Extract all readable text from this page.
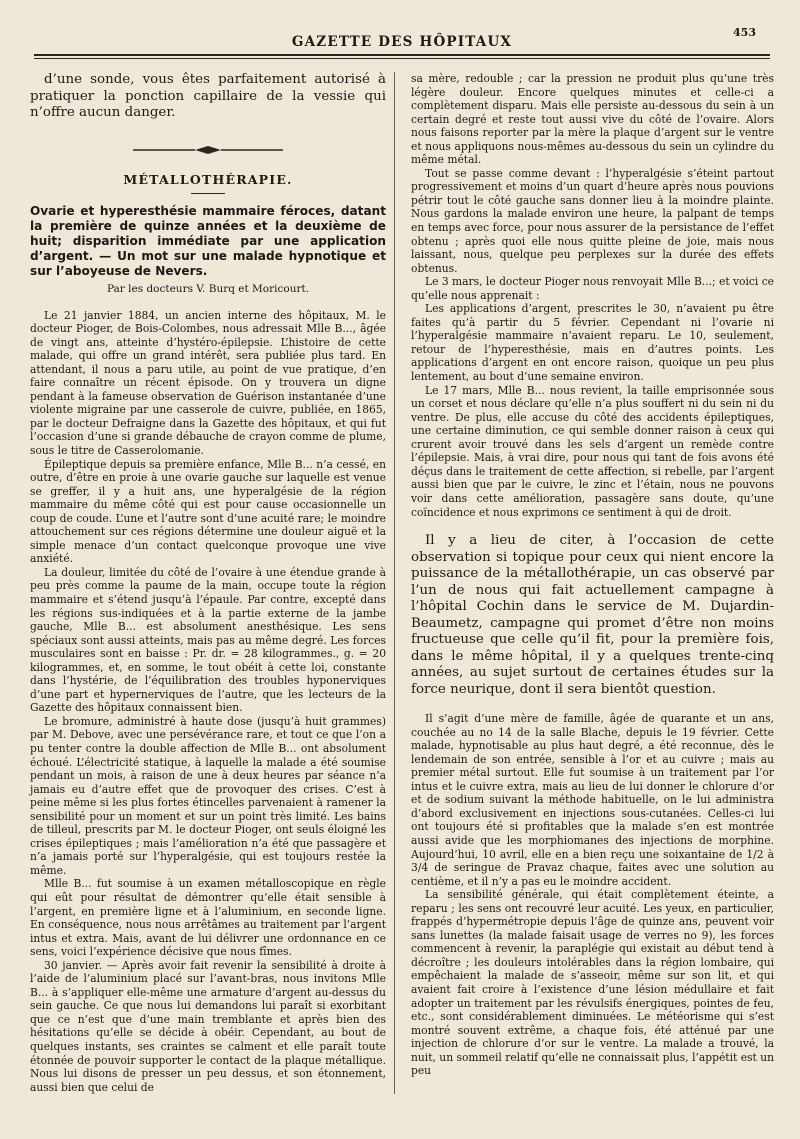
GAZETTE DES HÔPITAUX
453

d’une sonde, vous êtes parfaitement autorisé à pratiquer la ponction capillaire de la vessie qui n’offre aucun danger.

MÉTALLOTHÉRAPIE.

Ovarie et hyperesthésie mammaire féroces, datant la première de quinze années et la deuxième de huit; disparition immédiate par une application d’argent. — Un mot sur une malade hypnotique et sur l’aboyeuse de Nevers.

Par les docteurs V. Burq et Moricourt.

Le 21 janvier 1884, un ancien interne des hôpitaux, M. le docteur Pioger, de Bois-Colombes, nous adressait Mlle B..., âgée de vingt ans, atteinte d’hystéro-épilepsie. L’histoire de cette malade, qui offre un grand intérêt, sera publiée plus tard. En attendant, il nous a paru utile, au point de vue pratique, d’en faire connaître un récent épisode. On y trouvera un digne pendant à la fameuse observation de Guérison instantanée d’une violente migraine par une casserole de cuivre, publiée, en 1865, par le docteur Defraigne dans la Gazette des hôpitaux, et qui fut l’occasion d’une si grande débauche de crayon comme de plume, sous le titre de Casserolomanie.

Épileptique depuis sa première enfance, Mlle B... n’a cessé, en outre, d’être en proie à une ovarie gauche sur laquelle est venue se greffer, il y a huit ans, une hyperalgésie de la région mammaire du même côté qui est pour cause occasionnelle un coup de coude. L’une et l’autre sont d’une acuité rare; le moindre attouchement sur ces régions détermine une douleur aiguë et la simple menace d’un contact quelconque provoque une vive anxiété.

La douleur, limitée du côté de l’ovaire à une étendue grande à peu près comme la paume de la main, occupe toute la région mammaire et s’étend jusqu’à l’épaule. Par contre, excepté dans les régions sus-indiquées et à la partie externe de la jambe gauche, Mlle B... est absolument anesthésique. Les sens spéciaux sont aussi atteints, mais pas au même degré. Les forces musculaires sont en baisse : Pr. dr. = 28 kilogrammes., g. = 20 kilogrammes, et, en somme, le tout obéit à cette loi, constante dans l’hystérie, de l’équilibration des troubles hyponerviques d’une part et hypernerviques de l’autre, que les lecteurs de la Gazette des hôpitaux connaissent bien.

Le bromure, administré à haute dose (jusqu’à huit grammes) par M. Debove, avec une persévérance rare, et tout ce que l’on a pu tenter contre la double affection de Mlle B... ont absolument échoué. L’électricité statique, à laquelle la malade a été soumise pendant un mois, à raison de une à deux heures par séance n’a jamais eu d’autre effet que de provoquer des crises. C’est à peine même si les plus fortes étincelles parvenaient à ramener la sensibilité pour un moment et sur un point très limité. Les bains de tilleul, prescrits par M. le docteur Pioger, ont seuls éloigné les crises épileptiques ; mais l’amélioration n’a été que passagère et n’a jamais porté sur l’hyperalgésie, qui est toujours restée la même.

Mlle B... fut soumise à un examen métalloscopique en règle qui eût pour résultat de démontrer qu’elle était sensible à l’argent, en première ligne et à l’aluminium, en seconde ligne. En conséquence, nous nous arrêtâmes au traitement par l’argent intus et extra. Mais, avant de lui délivrer une ordonnance en ce sens, voici l’expérience décisive que nous fîmes.

30 janvier. — Après avoir fait revenir la sensibilité à droite à l’aide de l’aluminium placé sur l’avant-bras, nous invitons Mlle B... à s’appliquer elle-même une armature d’argent au-dessus du sein gauche. Ce que nous lui demandons lui paraît si exorbitant que ce n’est que d’une main tremblante et après bien des hésitations qu’elle se décide à obéir. Cependant, au bout de quelques instants, ses craintes se calment et elle paraît toute étonnée de pouvoir supporter le contact de la plaque métallique. Nous lui disons de presser un peu dessus, et son étonnement, aussi bien que celui de

sa mère, redouble ; car la pression ne produit plus qu’une très légère douleur. Encore quelques minutes et celle-ci a complètement disparu. Mais elle persiste au-dessous du sein à un certain degré et reste tout aussi vive du côté de l’ovaire. Alors nous faisons reporter par la mère la plaque d’argent sur le ventre et nous appliquons nous-mêmes au-dessous du sein un cylindre du même métal.

Tout se passe comme devant : l’hyperalgésie s’éteint partout progressivement et moins d’un quart d’heure après nous pouvions pétrir tout le côté gauche sans donner lieu à la moindre plainte. Nous gardons la malade environ une heure, la palpant de temps en temps avec force, pour nous assurer de la persistance de l’effet obtenu ; après quoi elle nous quitte pleine de joie, mais nous laissant, nous, quelque peu perplexes sur la durée des effets obtenus.

Le 3 mars, le docteur Pioger nous renvoyait Mlle B...; et voici ce qu’elle nous apprenait :

Les applications d’argent, prescrites le 30, n’avaient pu être faites qu’à partir du 5 février. Cependant ni l’ovarie ni l’hyperalgésie mammaire n’avaient reparu. Le 10, seulement, retour de l’hyperesthésie, mais en d’autres points. Les applications d’argent en ont encore raison, quoique un peu plus lentement, au bout d’une semaine environ.

Le 17 mars, Mlle B... nous revient, la taille emprisonnée sous un corset et nous déclare qu’elle n’a plus souffert ni du sein ni du ventre. De plus, elle accuse du côté des accidents épileptiques, une certaine diminution, ce qui semble donner raison à ceux qui crurent avoir trouvé dans les sels d’argent un remède contre l’épilepsie. Mais, à vrai dire, pour nous qui tant de fois avons été déçus dans le traitement de cette affection, si rebelle, par l’argent aussi bien que par le cuivre, le zinc et l’étain, nous ne pouvons voir dans cette amélioration, passagère sans doute, qu’une coïncidence et nous exprimons ce sentiment à qui de droit.

Il y a lieu de citer, à l’occasion de cette observation si topique pour ceux qui nient encore la puissance de la métallothérapie, un cas observé par l’un de nous qui fait actuellement campagne à l’hôpital Cochin dans le service de M. Dujardin-Beaumetz, campagne qui promet d’être non moins fructueuse que celle qu’il fit, pour la première fois, dans le même hôpital, il y a quelques trente-cinq années, au sujet surtout de certaines études sur la force neurique, dont il sera bientôt question.

Il s’agit d’une mère de famille, âgée de quarante et un ans, couchée au no 14 de la salle Blache, depuis le 19 février. Cette malade, hypnotisable au plus haut degré, a été reconnue, dès le lendemain de son entrée, sensible à l’or et au cuivre ; mais au premier métal surtout. Elle fut soumise à un traitement par l’or intus et le cuivre extra, mais au lieu de lui donner le chlorure d’or et de sodium suivant la méthode habituelle, on le lui administra d’abord exclusivement en injections sous-cutanées. Celles-ci lui ont toujours été si profitables que la malade s’en est montrée aussi avide que les morphiomanes des injections de morphine. Aujourd’hui, 10 avril, elle en a bien reçu une soixantaine de 1/2 à 3/4 de seringue de Pravaz chaque, faites avec une solution au centième, et il n’y a pas eu le moindre accident.

La sensibilité générale, qui était complètement éteinte, a reparu ; les sens ont recouvré leur acuité. Les yeux, en particulier, frappés d’hypermétropie depuis l’âge de quinze ans, peuvent voir sans lunettes (la malade faisait usage de verres no 9), les forces commencent à revenir, la paraplégie qui existait au début tend à décroître ; les douleurs intolérables dans la région lombaire, qui empêchaient la malade de s’asseoir, même sur son lit, et qui avaient fait croire à l’existence d’une lésion médullaire et fait adopter un traitement par les révulsifs énergiques, pointes de feu, etc., sont considérablement diminuées. Le météorisme qui s’est montré souvent extrême, a chaque fois, été atténué par une injection de chlorure d’or sur le ventre. La malade a trouvé, la nuit, un sommeil relatif qu’elle ne connaissait plus, l’appétit est un peu
